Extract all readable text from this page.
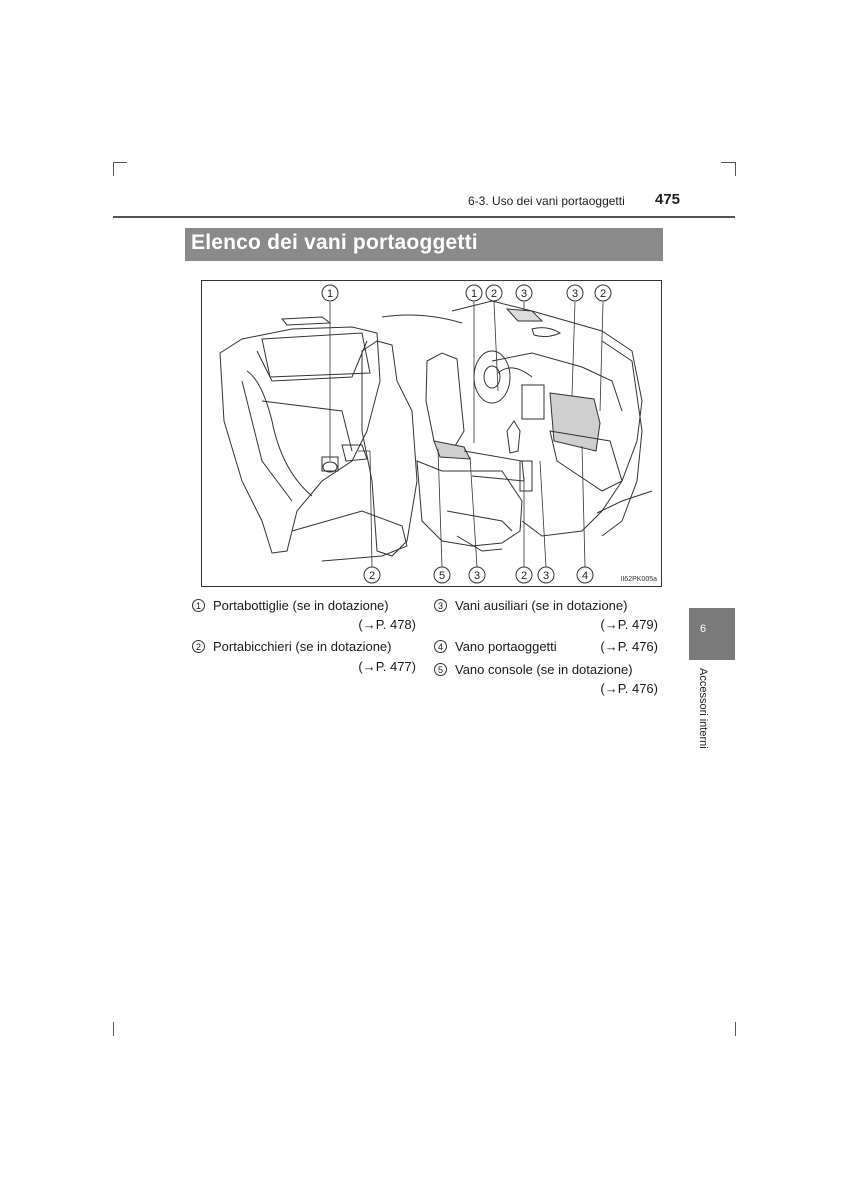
6-3. Uso dei vani portaoggetti 475
Elenco dei vani portaoggetti
1	1 2 3	3 2
2	5	3	2 3	4	II62PK005a
1 Portabottiglie (se in dotazione)
(→P. 478)
2 Portabicchieri (se in dotazione)
(→P. 477)
3 Vani ausiliari (se in dotazione)
(→P. 479)
4 Vano portaoggetti	(→P. 476)
5 Vano console (se in dotazione)
(→P. 476)
6
Accessori interni
